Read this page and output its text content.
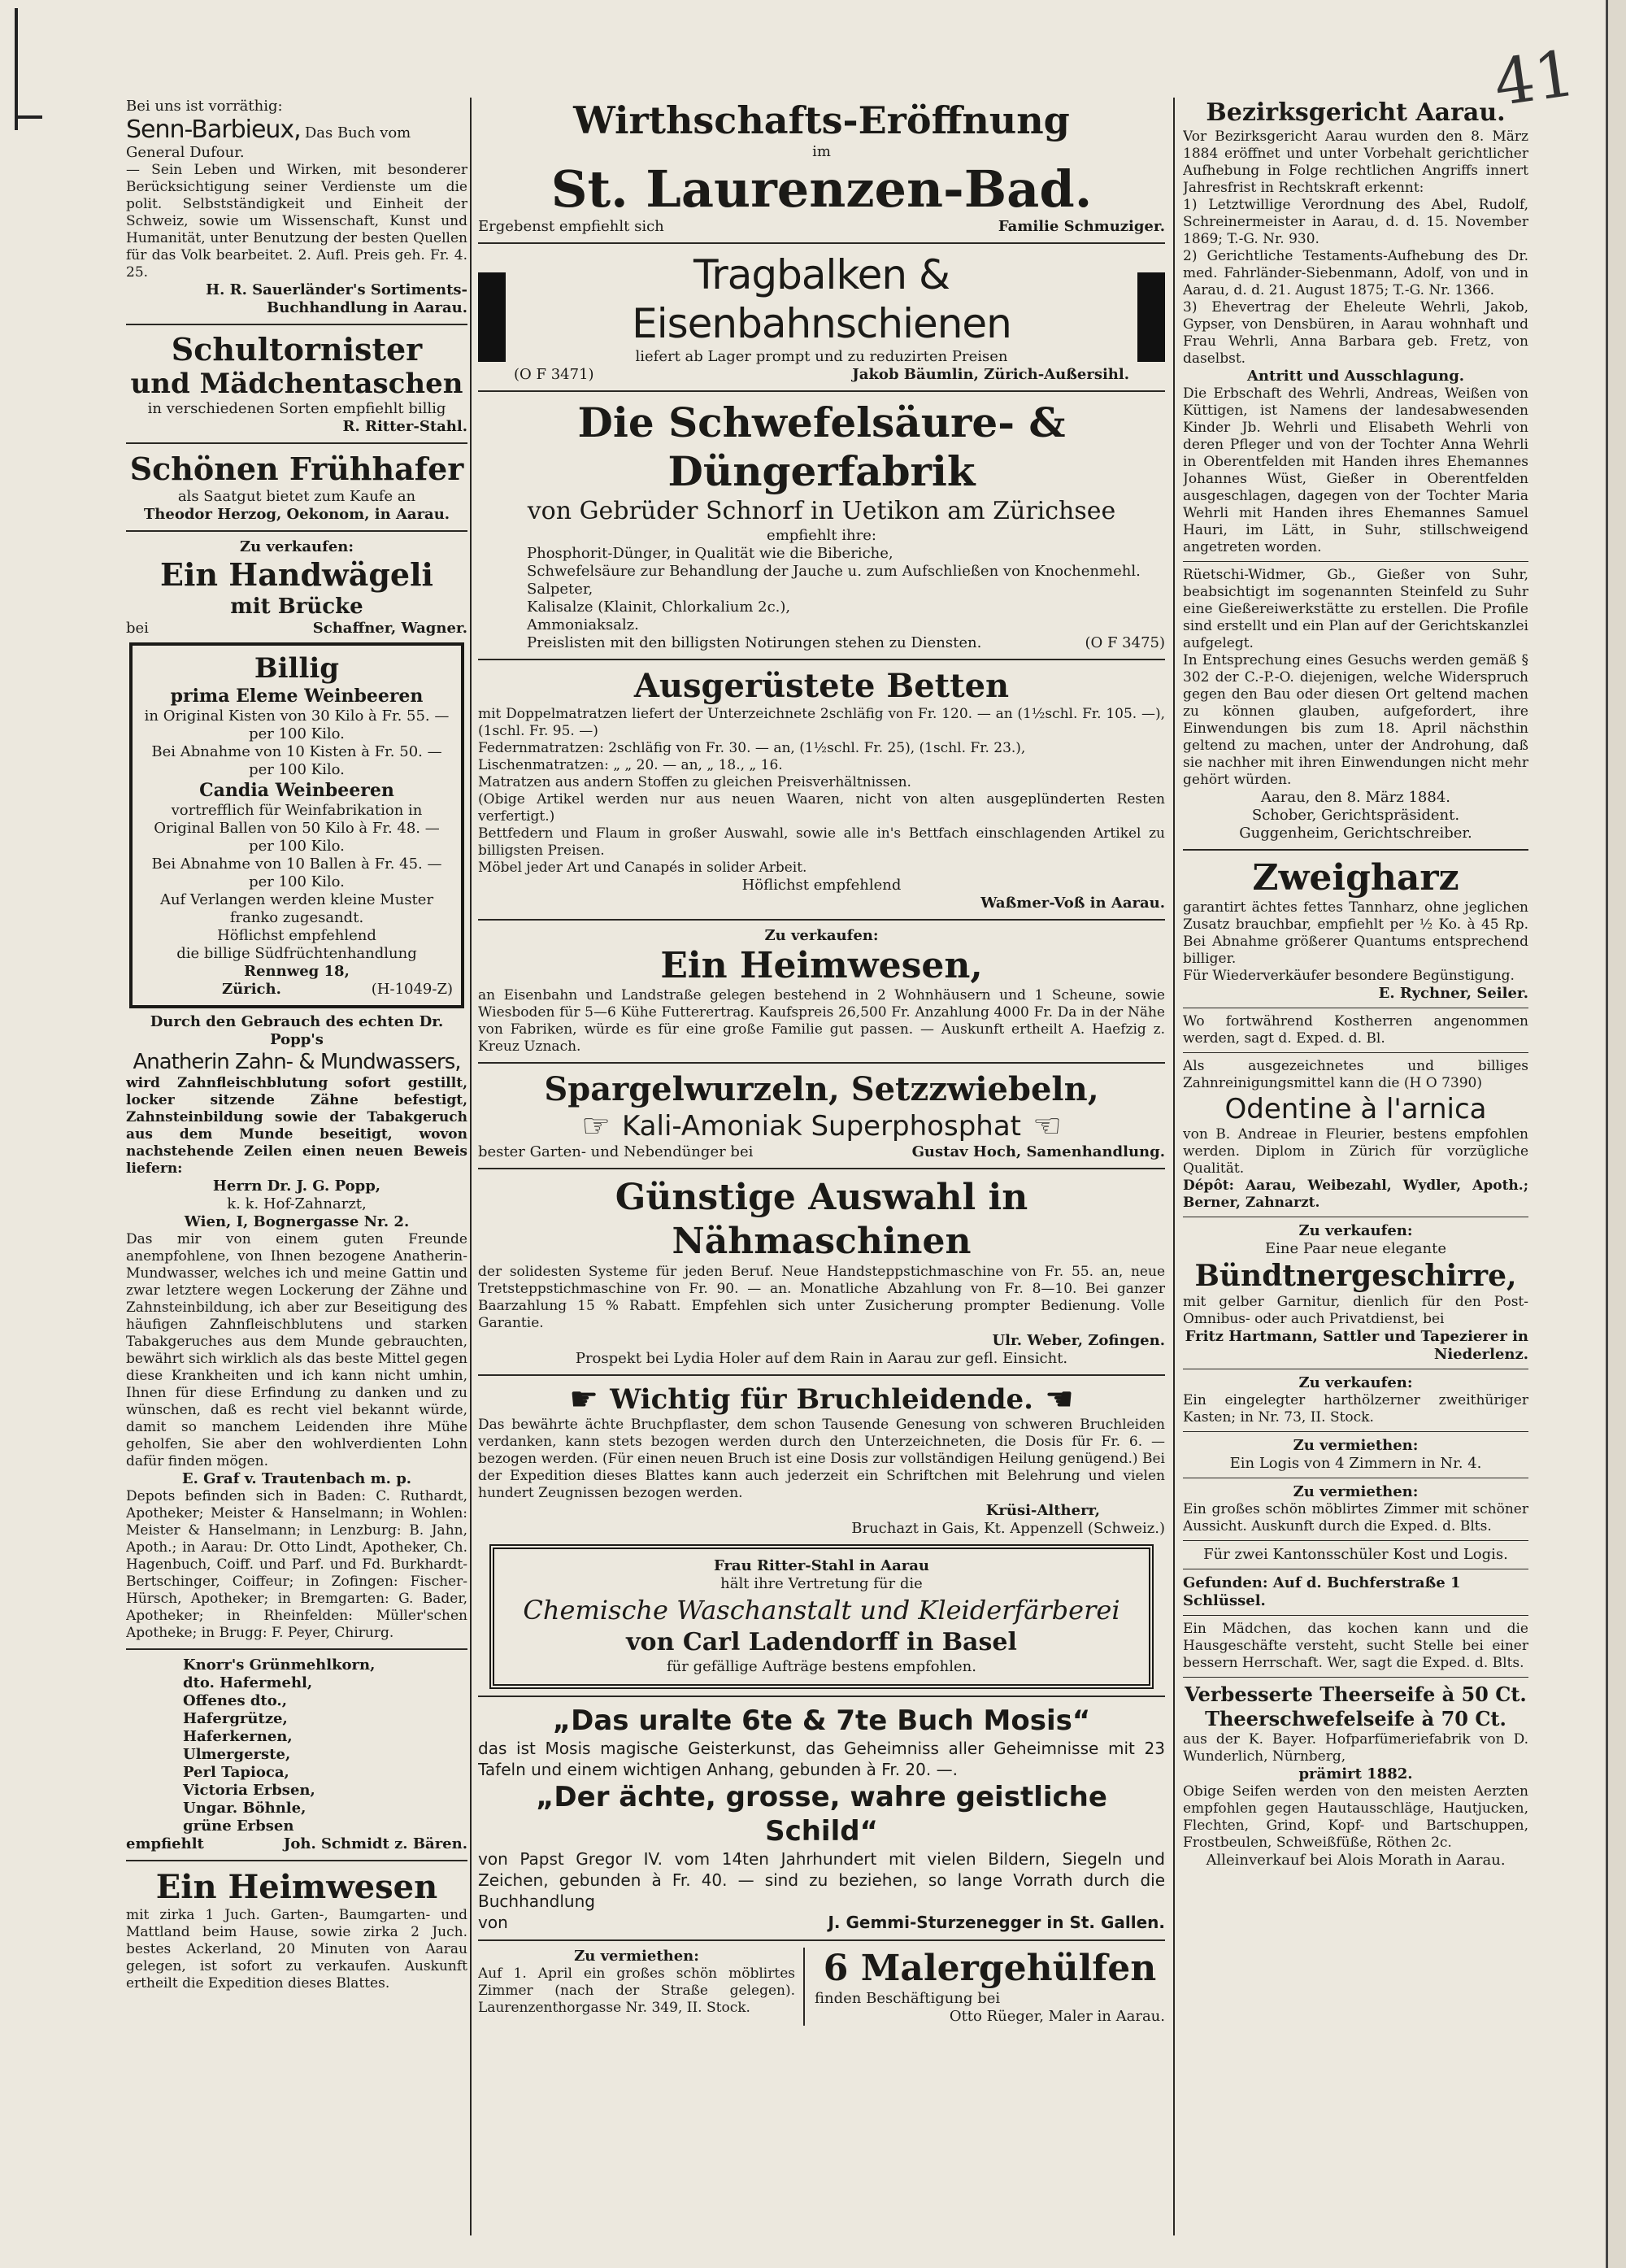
41

Bei uns ist vorräthig:

Senn-Barbieux, Das Buch vom General Dufour.

— Sein Leben und Wirken, mit besonderer Berücksichtigung seiner Verdienste um die polit. Selbstständigkeit und Einheit der Schweiz, sowie um Wissenschaft, Kunst und Humanität, unter Benutzung der besten Quellen für das Volk bearbeitet. 2. Aufl. Preis geh. Fr. 4. 25.

H. R. Sauerländer's Sortiments-Buchhandlung in Aarau.

Schultornister

und Mädchentaschen

in verschiedenen Sorten empfiehlt billig

R. Ritter-Stahl.

Schönen Frühhafer

als Saatgut bietet zum Kaufe an

Theodor Herzog, Oekonom, in Aarau.

Zu verkaufen:

Ein Handwägeli

mit Brücke

bei	Schaffner, Wagner.

Billig

prima Eleme Weinbeeren

in Original Kisten von 30 Kilo à Fr. 55. — per 100 Kilo.

Bei Abnahme von 10 Kisten à Fr. 50. — per 100 Kilo.

Candia Weinbeeren

vortrefflich für Weinfabrikation in Original Ballen von 50 Kilo à Fr. 48. — per 100 Kilo.

Bei Abnahme von 10 Ballen à Fr. 45. — per 100 Kilo.

Auf Verlangen werden kleine Muster franko zugesandt.

Höflichst empfehlend

die billige Südfrüchtenhandlung

Rennweg 18,

Zürich.	(H-1049-Z)

Durch den Gebrauch des echten Dr. Popp's

Anatherin Zahn- & Mundwassers,

wird Zahnfleischblutung sofort gestillt, locker sitzende Zähne befestigt, Zahnsteinbildung sowie der Tabakgeruch aus dem Munde beseitigt, wovon nachstehende Zeilen einen neuen Beweis liefern:

Herrn Dr. J. G. Popp,

k. k. Hof-Zahnarzt,

Wien, I, Bognergasse Nr. 2.

Das mir von einem guten Freunde anempfohlene, von Ihnen bezogene Anatherin-Mundwasser, welches ich und meine Gattin und zwar letztere wegen Lockerung der Zähne und Zahnsteinbildung, ich aber zur Beseitigung des häufigen Zahnfleischblutens und starken Tabakgeruches aus dem Munde gebrauchten, bewährt sich wirklich als das beste Mittel gegen diese Krankheiten und ich kann nicht umhin, Ihnen für diese Erfindung zu danken und zu wünschen, daß es recht viel bekannt würde, damit so manchem Leidenden ihre Mühe geholfen, Sie aber den wohlverdienten Lohn dafür finden mögen.

E. Graf v. Trautenbach m. p.

Depots befinden sich in Baden: C. Ruthardt, Apotheker; Meister & Hanselmann; in Wohlen: Meister & Hanselmann; in Lenzburg: B. Jahn, Apoth.; in Aarau: Dr. Otto Lindt, Apotheker, Ch. Hagenbuch, Coiff. und Parf. und Fd. Burkhardt-Bertschinger, Coiffeur; in Zofingen: Fischer-Hürsch, Apotheker; in Bremgarten: G. Bader, Apotheker; in Rheinfelden: Müller'schen Apotheke; in Brugg: F. Peyer, Chirurg.

Knorr's Grünmehlkorn,

dto. Hafermehl,

Offenes dto.,

Hafergrütze,

Haferkernen,

Ulmergerste,

Perl Tapioca,

Victoria Erbsen,

Ungar. Böhnle,

grüne Erbsen

empfiehlt	Joh. Schmidt z. Bären.

Ein Heimwesen

mit zirka 1 Juch. Garten-, Baumgarten- und Mattland beim Hause, sowie zirka 2 Juch. bestes Ackerland, 20 Minuten von Aarau gelegen, ist sofort zu verkaufen. Auskunft ertheilt die Expedition dieses Blattes.

Wirthschafts-Eröffnung

im

St. Laurenzen-Bad.

Ergebenst empfiehlt sich	Familie Schmuziger.

Tragbalken & Eisenbahnschienen

liefert ab Lager prompt und zu reduzirten Preisen

(O F 3471)	Jakob Bäumlin, Zürich-Außersihl.

Die Schwefelsäure- & Düngerfabrik

von Gebrüder Schnorf in Uetikon am Zürichsee

empfiehlt ihre:

Phosphorit-Dünger, in Qualität wie die Biberiche,

Schwefelsäure zur Behandlung der Jauche u. zum Aufschließen von Knochenmehl.

Salpeter,

Kalisalze (Klainit, Chlorkalium 2c.),

Ammoniaksalz.

Preislisten mit den billigsten Notirungen stehen zu Diensten.	(O F 3475)

Ausgerüstete Betten

mit Doppelmatratzen liefert der Unterzeichnete 2schläfig von Fr. 120. — an (1½schl. Fr. 105. —), (1schl. Fr. 95. —)

Federnmatratzen: 2schläfig von Fr. 30. — an, (1½schl. Fr. 25), (1schl. Fr. 23.),

Lischenmatratzen: „ „ 20. — an, „ 18., „ 16.

Matratzen aus andern Stoffen zu gleichen Preisverhältnissen.

(Obige Artikel werden nur aus neuen Waaren, nicht von alten ausgeplünderten Resten verfertigt.)

Bettfedern und Flaum in großer Auswahl, sowie alle in's Bettfach einschlagenden Artikel zu billigsten Preisen.

Möbel jeder Art und Canapés in solider Arbeit.

Höflichst empfehlend

Waßmer-Voß in Aarau.

Zu verkaufen:

Ein Heimwesen,

an Eisenbahn und Landstraße gelegen bestehend in 2 Wohnhäusern und 1 Scheune, sowie Wiesboden für 5—6 Kühe Futterertrag. Kaufspreis 26,500 Fr. Anzahlung 4000 Fr. Da in der Nähe von Fabriken, würde es für eine große Familie gut passen. — Auskunft ertheilt A. Haefzig z. Kreuz Uznach.

Spargelwurzeln, Setzzwiebeln,

☞ Kali-Amoniak Superphosphat ☜
bester Garten- und Nebendünger bei	Gustav Hoch, Samenhandlung.

Günstige Auswahl in Nähmaschinen

der solidesten Systeme für jeden Beruf. Neue Handsteppstichmaschine von Fr. 55. an, neue Tretsteppstichmaschine von Fr. 90. — an. Monatliche Abzahlung von Fr. 8—10. Bei ganzer Baarzahlung 15 % Rabatt. Empfehlen sich unter Zusicherung prompter Bedienung. Volle Garantie.

Ulr. Weber, Zofingen.

Prospekt bei Lydia Holer auf dem Rain in Aarau zur gefl. Einsicht.

☛ Wichtig für Bruchleidende. ☚

Das bewährte ächte Bruchpflaster, dem schon Tausende Genesung von schweren Bruchleiden verdanken, kann stets bezogen werden durch den Unterzeichneten, die Dosis für Fr. 6. — bezogen werden. (Für einen neuen Bruch ist eine Dosis zur vollständigen Heilung genügend.) Bei der Expedition dieses Blattes kann auch jederzeit ein Schriftchen mit Belehrung und vielen hundert Zeugnissen bezogen werden.

Krüsi-Altherr,

Bruchazt in Gais, Kt. Appenzell (Schweiz.)

Frau Ritter-Stahl in Aarau

hält ihre Vertretung für die

Chemische Waschanstalt und Kleiderfärberei

von Carl Ladendorff in Basel

für gefällige Aufträge bestens empfohlen.

„Das uralte 6te & 7te Buch Mosis“

das ist Mosis magische Geisterkunst, das Geheimniss aller Geheimnisse mit 23 Tafeln und einem wichtigen Anhang, gebunden à Fr. 20. —.

„Der ächte, grosse, wahre geistliche Schild“

von Papst Gregor IV. vom 14ten Jahrhundert mit vielen Bildern, Siegeln und Zeichen, gebunden à Fr. 40. — sind zu beziehen, so lange Vorrath durch die Buchhandlung

von	J. Gemmi-Sturzenegger in St. Gallen.

Zu vermiethen:

Auf 1. April ein großes schön möblirtes Zimmer (nach der Straße gelegen). Laurenzenthorgasse Nr. 349, II. Stock.

6 Malergehülfen

finden Beschäftigung bei

Otto Rüeger, Maler in Aarau.

Bezirksgericht Aarau.

Vor Bezirksgericht Aarau wurden den 8. März 1884 eröffnet und unter Vorbehalt gerichtlicher Aufhebung in Folge rechtlichen Angriffs innert Jahresfrist in Rechtskraft erkennt:

1) Letztwillige Verordnung des Abel, Rudolf, Schreinermeister in Aarau, d. d. 15. November 1869; T.-G. Nr. 930.

2) Gerichtliche Testaments-Aufhebung des Dr. med. Fahrländer-Siebenmann, Adolf, von und in Aarau, d. d. 21. August 1875; T.-G. Nr. 1366.

3) Ehevertrag der Eheleute Wehrli, Jakob, Gypser, von Densbüren, in Aarau wohnhaft und Frau Wehrli, Anna Barbara geb. Fretz, von daselbst.

Antritt und Ausschlagung.

Die Erbschaft des Wehrli, Andreas, Weißen von Küttigen, ist Namens der landesabwesenden Kinder Jb. Wehrli und Elisabeth Wehrli von deren Pfleger und von der Tochter Anna Wehrli in Oberentfelden mit Handen ihres Ehemannes Johannes Wüst, Gießer in Oberentfelden ausgeschlagen, dagegen von der Tochter Maria Wehrli mit Handen ihres Ehemannes Samuel Hauri, im Lätt, in Suhr, stillschweigend angetreten worden.

Rüetschi-Widmer, Gb., Gießer von Suhr, beabsichtigt im sogenannten Steinfeld zu Suhr eine Gießereiwerkstätte zu erstellen. Die Profile sind erstellt und ein Plan auf der Gerichtskanzlei aufgelegt.

In Entsprechung eines Gesuchs werden gemäß § 302 der C.-P.-O. diejenigen, welche Widerspruch gegen den Bau oder diesen Ort geltend machen zu können glauben, aufgefordert, ihre Einwendungen bis zum 18. April nächsthin geltend zu machen, unter der Androhung, daß sie nachher mit ihren Einwendungen nicht mehr gehört würden.

Aarau, den 8. März 1884.

Schober, Gerichtspräsident.

Guggenheim, Gerichtschreiber.

Zweigharz

garantirt ächtes fettes Tannharz, ohne jeglichen Zusatz brauchbar, empfiehlt per ½ Ko. à 45 Rp. Bei Abnahme größerer Quantums entsprechend billiger.

Für Wiederverkäufer besondere Begünstigung.

E. Rychner, Seiler.

Wo fortwährend Kostherren angenommen werden, sagt d. Exped. d. Bl.

Als ausgezeichnetes und billiges Zahnreinigungsmittel kann die (H O 7390)

Odentine à l'arnica

von B. Andreae in Fleurier, bestens empfohlen werden. Diplom in Zürich für vorzügliche Qualität.

Dépôt: Aarau, Weibezahl, Wydler, Apoth.; Berner, Zahnarzt.

Zu verkaufen:

Eine Paar neue elegante

Bündtnergeschirre,

mit gelber Garnitur, dienlich für den Post-Omnibus- oder auch Privatdienst, bei

Fritz Hartmann, Sattler und Tapezierer in Niederlenz.

Zu verkaufen:

Ein eingelegter harthölzerner zweithüriger Kasten; in Nr. 73, II. Stock.

Zu vermiethen:

Ein Logis von 4 Zimmern in Nr. 4.

Zu vermiethen:

Ein großes schön möblirtes Zimmer mit schöner Aussicht. Auskunft durch die Exped. d. Blts.

Für zwei Kantonsschüler Kost und Logis.

Gefunden: Auf d. Buchferstraße 1 Schlüssel.

Ein Mädchen, das kochen kann und die Hausgeschäfte versteht, sucht Stelle bei einer bessern Herrschaft. Wer, sagt die Exped. d. Blts.

Verbesserte Theerseife à 50 Ct.

Theerschwefelseife à 70 Ct.

aus der K. Bayer. Hofparfümeriefabrik von D. Wunderlich, Nürnberg,

prämirt 1882.

Obige Seifen werden von den meisten Aerzten empfohlen gegen Hautausschläge, Hautjucken, Flechten, Grind, Kopf- und Bartschuppen, Frostbeulen, Schweißfüße, Röthen 2c.

Alleinverkauf bei Alois Morath in Aarau.
